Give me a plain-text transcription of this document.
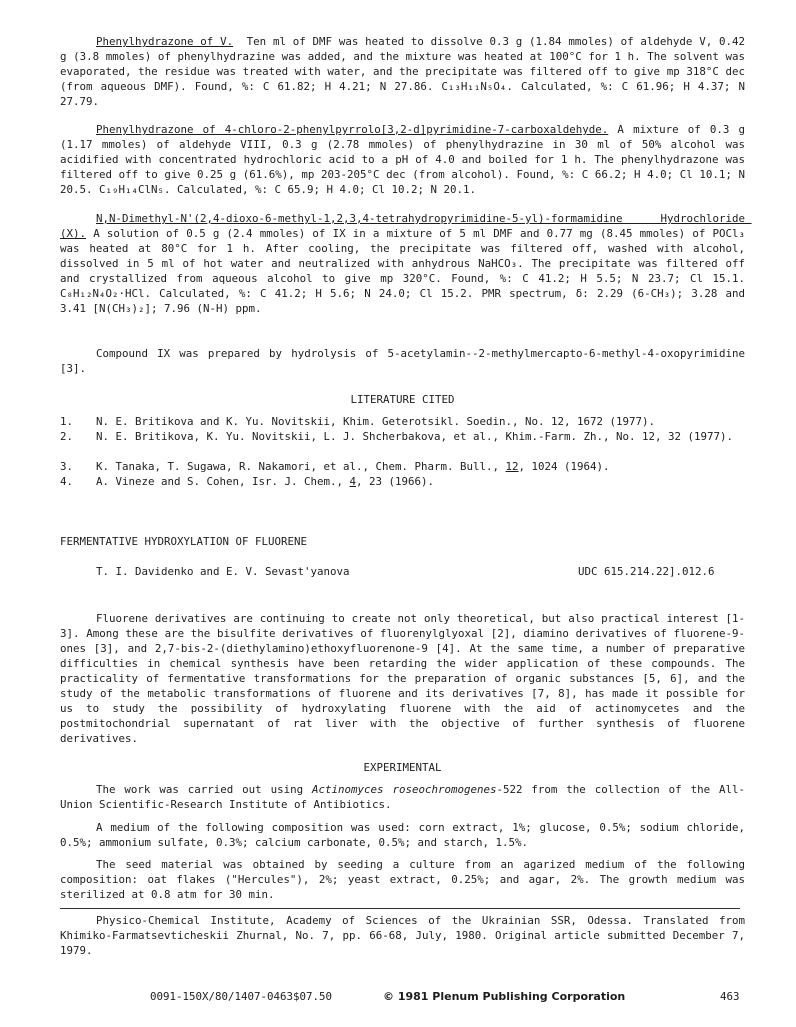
Phenylhydrazone of V.  Ten ml of DMF was heated to dissolve 0.3 g (1.84 mmoles) of aldehyde V, 0.42 g (3.8 mmoles) of phenylhydrazine was added, and the mixture was heated at 100°C for 1 h. The solvent was evaporated, the residue was treated with water, and the precipitate was filtered off to give mp 318°C dec (from aqueous DMF). Found, %: C 61.82; H 4.21; N 27.86. C₁₃H₁₁N₅O₄. Calculated, %: C 61.96; H 4.37; N 27.79.
Phenylhydrazone of 4-chloro-2-phenylpyrrolo[3,2-d]pyrimidine-7-carboxaldehyde. A mixture of 0.3 g (1.17 mmoles) of aldehyde VIII, 0.3 g (2.78 mmoles) of phenylhydrazine in 30 ml of 50% alcohol was acidified with concentrated hydrochloric acid to a pH of 4.0 and boiled for 1 h. The phenylhydrazone was filtered off to give 0.25 g (61.6%), mp 203-205°C dec (from alcohol). Found, %: C 66.2; H 4.0; Cl 10.1; N 20.5. C₁₉H₁₄ClN₅. Calculated, %: C 65.9; H 4.0; Cl 10.2; N 20.1.
N,N-Dimethyl-N'(2,4-dioxo-6-methyl-1,2,3,4-tetrahydropyrimidine-5-yl)-formamidine Hydrochloride (X). A solution of 0.5 g (2.4 mmoles) of IX in a mixture of 5 ml DMF and 0.77 mg (8.45 mmoles) of POCl₃ was heated at 80°C for 1 h. After cooling, the precipitate was filtered off, washed with alcohol, dissolved in 5 ml of hot water and neutralized with anhydrous NaHCO₃. The precipitate was filtered off and crystallized from aqueous alcohol to give mp 320°C. Found, %: C 41.2; H 5.5; N 23.7; Cl 15.1. C₈H₁₂N₄O₂·HCl. Calculated, %: C 41.2; H 5.6; N 24.0; Cl 15.2. PMR spectrum, δ: 2.29 (6-CH₃); 3.28 and 3.41 [N(CH₃)₂]; 7.96 (N-H) ppm.
Compound IX was prepared by hydrolysis of 5-acetylamin--2-methylmercapto-6-methyl-4-oxopyrimidine [3].
LITERATURE CITED
1. N. E. Britikova and K. Yu. Novitskii, Khim. Geterotsikl. Soedin., No. 12, 1672 (1977).
2. N. E. Britikova, K. Yu. Novitskii, L. J. Shcherbakova, et al., Khim.-Farm. Zh., No. 12, 32 (1977).
3. K. Tanaka, T. Sugawa, R. Nakamori, et al., Chem. Pharm. Bull., 12, 1024 (1964).
4. A. Vineze and S. Cohen, Isr. J. Chem., 4, 23 (1966).
FERMENTATIVE HYDROXYLATION OF FLUORENE
T. I. Davidenko and E. V. Sevast'yanova	UDC 615.214.22].012.6
Fluorene derivatives are continuing to create not only theoretical, but also practical interest [1-3]. Among these are the bisulfite derivatives of fluorenylglyoxal [2], diamino derivatives of fluorene-9-ones [3], and 2,7-bis-2-(diethylamino)ethoxyfluorenone-9 [4]. At the same time, a number of preparative difficulties in chemical synthesis have been retarding the wider application of these compounds. The practicality of fermentative transformations for the preparation of organic substances [5, 6], and the study of the metabolic transformations of fluorene and its derivatives [7, 8], has made it possible for us to study the possibility of hydroxylating fluorene with the aid of actinomycetes and the postmitochondrial supernatant of rat liver with the objective of further synthesis of fluorene derivatives.
EXPERIMENTAL
The work was carried out using Actinomyces roseochromogenes-522 from the collection of the All-Union Scientific-Research Institute of Antibiotics.
A medium of the following composition was used: corn extract, 1%; glucose, 0.5%; sodium chloride, 0.5%; ammonium sulfate, 0.3%; calcium carbonate, 0.5%; and starch, 1.5%.
The seed material was obtained by seeding a culture from an agarized medium of the following composition: oat flakes ("Hercules"), 2%; yeast extract, 0.25%; and agar, 2%. The growth medium was sterilized at 0.8 atm for 30 min.
Physico-Chemical Institute, Academy of Sciences of the Ukrainian SSR, Odessa. Translated from Khimiko-Farmatsevticheskii Zhurnal, No. 7, pp. 66-68, July, 1980. Original article submitted December 7, 1979.
0091-150X/80/1407-0463$07.50	© 1981 Plenum Publishing Corporation	463
